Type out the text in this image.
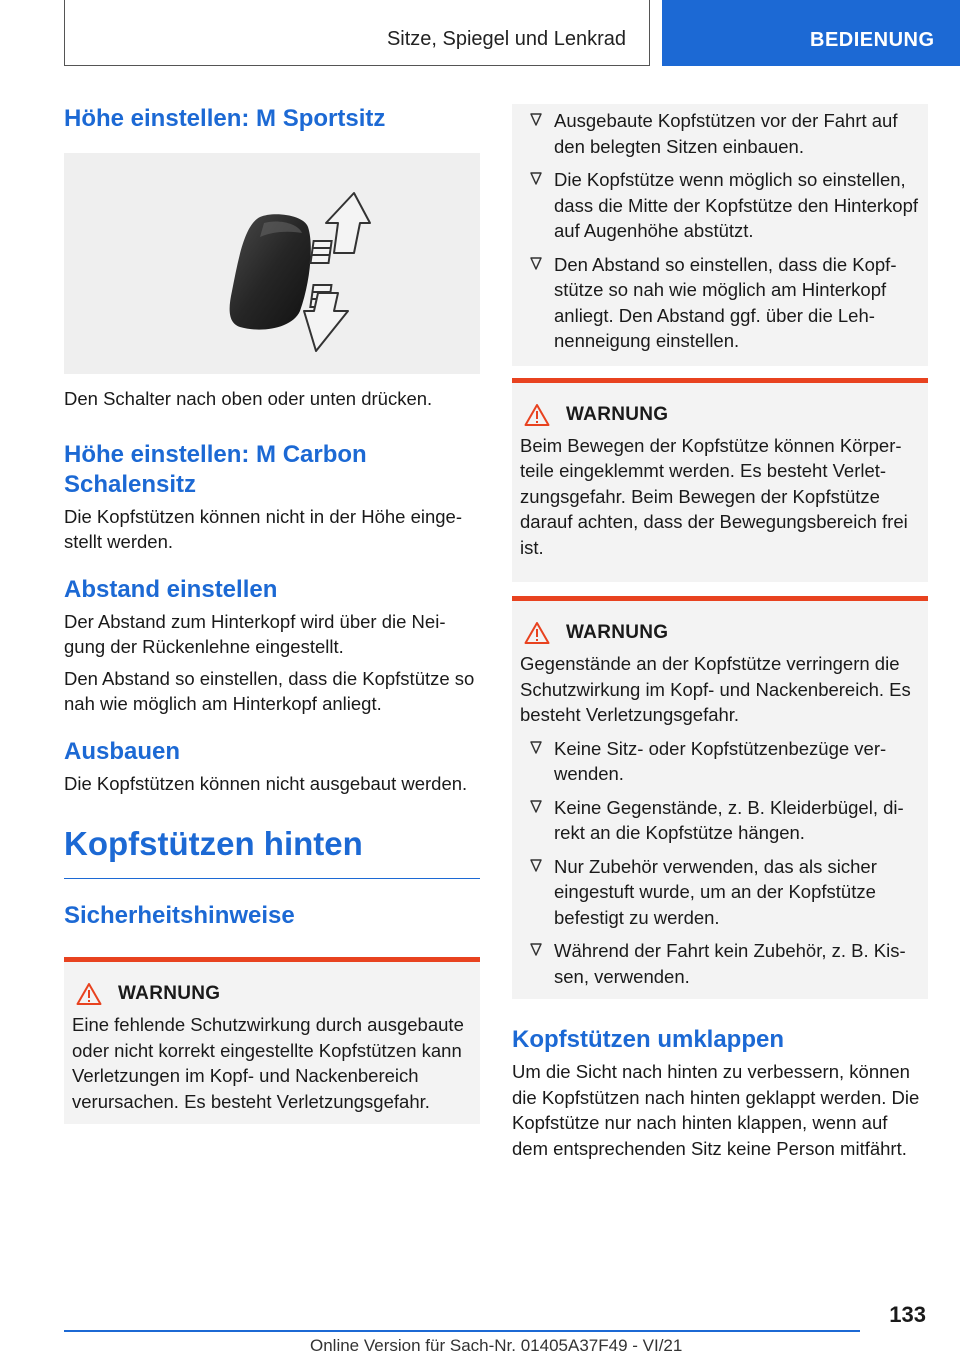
Sitze, Spiegel und Lenkrad	BEDIENUNG
Höhe einstellen: M Sportsitz

Den Schalter nach oben oder unten drücken.

Höhe einstellen: M Carbon Schalensitz

Die Kopfstützen können nicht in der Höhe eingestellt werden.

Abstand einstellen

Der Abstand zum Hinterkopf wird über die Neigung der Rückenlehne eingestellt.

Den Abstand so einstellen, dass die Kopfstütze so nah wie möglich am Hinterkopf anliegt.

Ausbauen

Die Kopfstützen können nicht ausgebaut werden.

Kopfstützen hinten
Sicherheitshinweise
WARNUNG

Eine fehlende Schutzwirkung durch ausgebaute oder nicht korrekt eingestellte Kopfstützen kann Verletzungen im Kopf- und Nackenbereich verursachen. Es besteht Verletzungsgefahr.

Ausgebaute Kopfstützen vor der Fahrt auf den belegten Sitzen einbauen.
Die Kopfstütze wenn möglich so einstellen, dass die Mitte der Kopfstütze den Hinterkopf auf Augenhöhe abstützt.
Den Abstand so einstellen, dass die Kopfstütze so nah wie möglich am Hinterkopf anliegt. Den Abstand ggf. über die Lehnenneigung einstellen.
WARNUNG

Beim Bewegen der Kopfstütze können Körperteile eingeklemmt werden. Es besteht Verletzungsgefahr. Beim Bewegen der Kopfstütze darauf achten, dass der Bewegungsbereich frei ist.

WARNUNG

Gegenstände an der Kopfstütze verringern die Schutzwirkung im Kopf- und Nackenbereich. Es besteht Verletzungsgefahr.

Keine Sitz- oder Kopfstützenbezüge verwenden.
Keine Gegenstände, z. B. Kleiderbügel, direkt an die Kopfstütze hängen.
Nur Zubehör verwenden, das als sicher eingestuft wurde, um an der Kopfstütze befestigt zu werden.
Während der Fahrt kein Zubehör, z. B. Kissen, verwenden.
Kopfstützen umklappen

Um die Sicht nach hinten zu verbessern, können die Kopfstützen nach hinten geklappt werden. Die Kopfstütze nur nach hinten klappen, wenn auf dem entsprechenden Sitz keine Person mitfährt.

133
Online Version für Sach-Nr. 01405A37F49 - VI/21
